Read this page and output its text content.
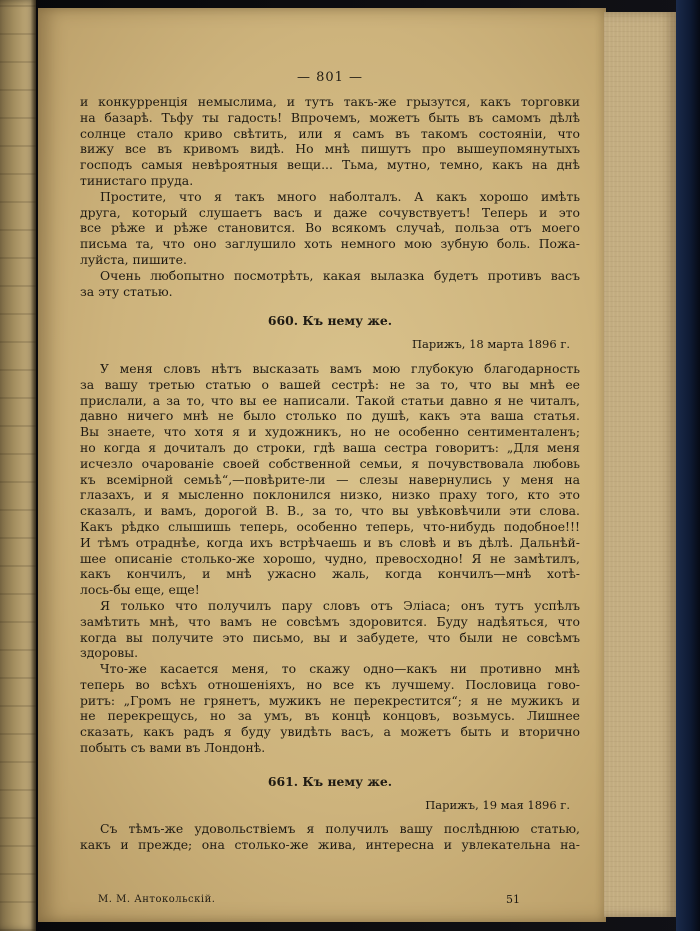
— 801 —
и конкурренція немыслима, и тутъ такъ-же грызутся, какъ торговки
на базарѣ. Тьфу ты гадость! Впрочемъ, можетъ быть въ самомъ дѣлѣ
солнце стало криво свѣтить, или я самъ въ такомъ состояніи, что
вижу все въ кривомъ видѣ. Но мнѣ пишутъ про вышеупомянутыхъ
господъ самыя невѣроятныя вещи... Тьма, мутно, темно, какъ на днѣ
тинистаго пруда.
Простите, что я такъ много наболталъ. А какъ хорошо имѣть
друга, который слушаетъ васъ и даже сочувствуетъ! Теперь и это
все рѣже и рѣже становится. Во всякомъ случаѣ, польза отъ моего
письма та, что оно заглушило хоть немного мою зубную боль. Пожа-
луйста, пишите.
Очень любопытно посмотрѣть, какая вылазка будетъ противъ васъ
за эту статью.
660. Къ нему же.
Парижъ, 18 марта 1896 г.
У меня словъ нѣтъ высказать вамъ мою глубокую благодарность
за вашу третью статью о вашей сестрѣ: не за то, что вы мнѣ ее
прислали, а за то, что вы ее написали. Такой статьи давно я не читалъ,
давно ничего мнѣ не было столько по душѣ, какъ эта ваша статья.
Вы знаете, что хотя я и художникъ, но не особенно сентименталенъ;
но когда я дочиталъ до строки, гдѣ ваша сестра говоритъ: „Для меня
исчезло очарованіе своей собственной семьи, я почувствовала любовь
къ всемірной семьѣ“,—повѣрите-ли — слезы навернулись у меня на
глазахъ, и я мысленно поклонился низко, низко праху того, кто это
сказалъ, и вамъ, дорогой В. В., за то, что вы увѣковѣчили эти слова.
Какъ рѣдко слышишь теперь, особенно теперь, что-нибудь подобное!!!
И тѣмъ отраднѣе, когда ихъ встрѣчаешь и въ словѣ и въ дѣлѣ. Дальнѣй-
шее описаніе столько-же хорошо, чудно, превосходно! Я не замѣтилъ,
какъ кончилъ, и мнѣ ужасно жаль, когда кончилъ—мнѣ хотѣ-
лось-бы еще, еще!
Я только что получилъ пару словъ отъ Эліаса; онъ тутъ успѣлъ
замѣтить мнѣ, что вамъ не совсѣмъ здоровится. Буду надѣяться, что
когда вы получите это письмо, вы и забудете, что были не совсѣмъ
здоровы.
Что-же касается меня, то скажу одно—какъ ни противно мнѣ
теперь во всѣхъ отношеніяхъ, но все къ лучшему. Пословица гово-
ритъ: „Громъ не грянетъ, мужикъ не перекрестится“; я не мужикъ и
не перекрещусь, но за умъ, въ концѣ концовъ, возьмусь. Лишнее
сказать, какъ радъ я буду увидѣть васъ, а можетъ быть и вторично
побыть съ вами въ Лондонѣ.
661. Къ нему же.
Парижъ, 19 мая 1896 г.
Съ тѣмъ-же удовольствіемъ я получилъ вашу послѣднюю статью,
какъ и прежде; она столько-же жива, интересна и увлекательна на-
М. М. Антокольскій.	51
